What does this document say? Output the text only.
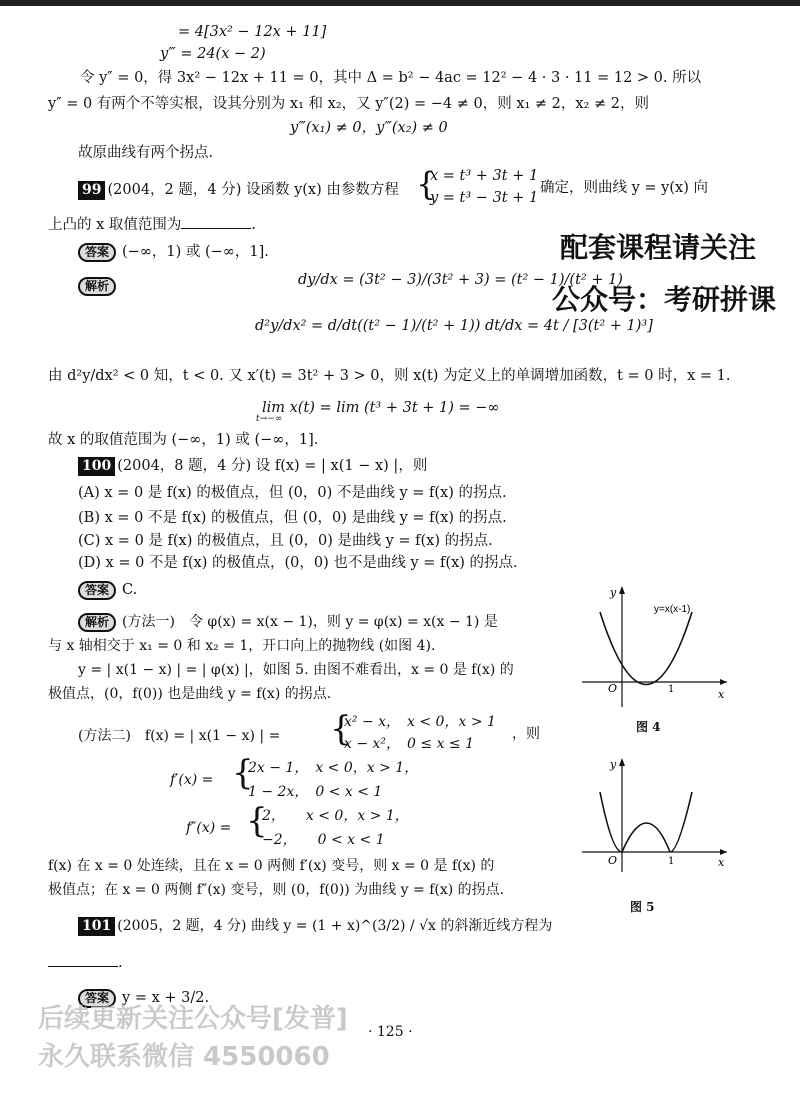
= 4[3x² − 12x + 11]
y‴ = 24(x − 2)
令 y″ = 0，得 3x² − 12x + 11 = 0，其中 Δ = b² − 4ac = 12² − 4 · 3 · 11 = 12 > 0. 所以
y″ = 0 有两个不等实根，设其分别为 x₁ 和 x₂，又 y″(2) = −4 ≠ 0，则 x₁ ≠ 2，x₂ ≠ 2，则
y‴(x₁) ≠ 0，y‴(x₂) ≠ 0
故原曲线有两个拐点.
99 (2004，2 题，4 分) 设函数 y(x) 由参数方程 {
x = t³ + 3t + 1
y = t³ − 3t + 1
确定，则曲线 y = y(x) 向
上凸的 x 取值范围为	.
答案 (−∞，1) 或 (−∞，1].
解析	dy/dx = (3t² − 3)/(3t² + 3) = (t² − 1)/(t² + 1)
d²y/dx² = d/dt((t² − 1)/(t² + 1)) dt/dx = 4t / [3(t² + 1)³]
由 d²y/dx² < 0 知，t < 0. 又 x′(t) = 3t² + 3 > 0，则 x(t) 为定义上的单调增加函数，t = 0 时，x = 1.
lim x(t) = lim (t³ + 3t + 1) = −∞
t→−∞
故 x 的取值范围为 (−∞，1) 或 (−∞，1].
100 (2004，8 题，4 分) 设 f(x) = | x(1 − x) |，则
(A) x = 0 是 f(x) 的极值点，但 (0，0) 不是曲线 y = f(x) 的拐点.
(B) x = 0 不是 f(x) 的极值点，但 (0，0) 是曲线 y = f(x) 的拐点.
(C) x = 0 是 f(x) 的极值点，且 (0，0) 是曲线 y = f(x) 的拐点.
(D) x = 0 不是 f(x) 的极值点，(0，0) 也不是曲线 y = f(x) 的拐点.
答案 C.
解析 (方法一)　令 φ(x) = x(x − 1)，则 y = φ(x) = x(x − 1) 是
与 x 轴相交于 x₁ = 0 和 x₂ = 1，开口向上的抛物线 (如图 4).
y = | x(1 − x) | = | φ(x) |，如图 5. 由图不难看出，x = 0 是 f(x) 的
极值点，(0，f(0)) 也是曲线 y = f(x) 的拐点.
(方法二)　f(x) = | x(1 − x) | = {
x² − x，　x < 0，x > 1
x − x²，　0 ≤ x ≤ 1
，则
f′(x) = {
2x − 1，　x < 0，x > 1，
1 − 2x，　0 < x < 1
f″(x) = {
2，　　x < 0，x > 1，
−2，　　0 < x < 1
f(x) 在 x = 0 处连续，且在 x = 0 两侧 f′(x) 变号，则 x = 0 是 f(x) 的
极值点；在 x = 0 两侧 f″(x) 变号，则 (0，f(0)) 为曲线 y = f(x) 的拐点.
101 (2005，2 题，4 分) 曲线 y = (1 + x)^(3/2) / √x 的斜渐近线方程为
.
答案 y = x + 3/2.
· 125 ·
O	1	x
y
y=x(x-1)
图 4
O	1	x
y
图 5
配套课程请关注
公众号：考研拼课
后续更新关注公众号[发普]
永久联系微信 4550060
